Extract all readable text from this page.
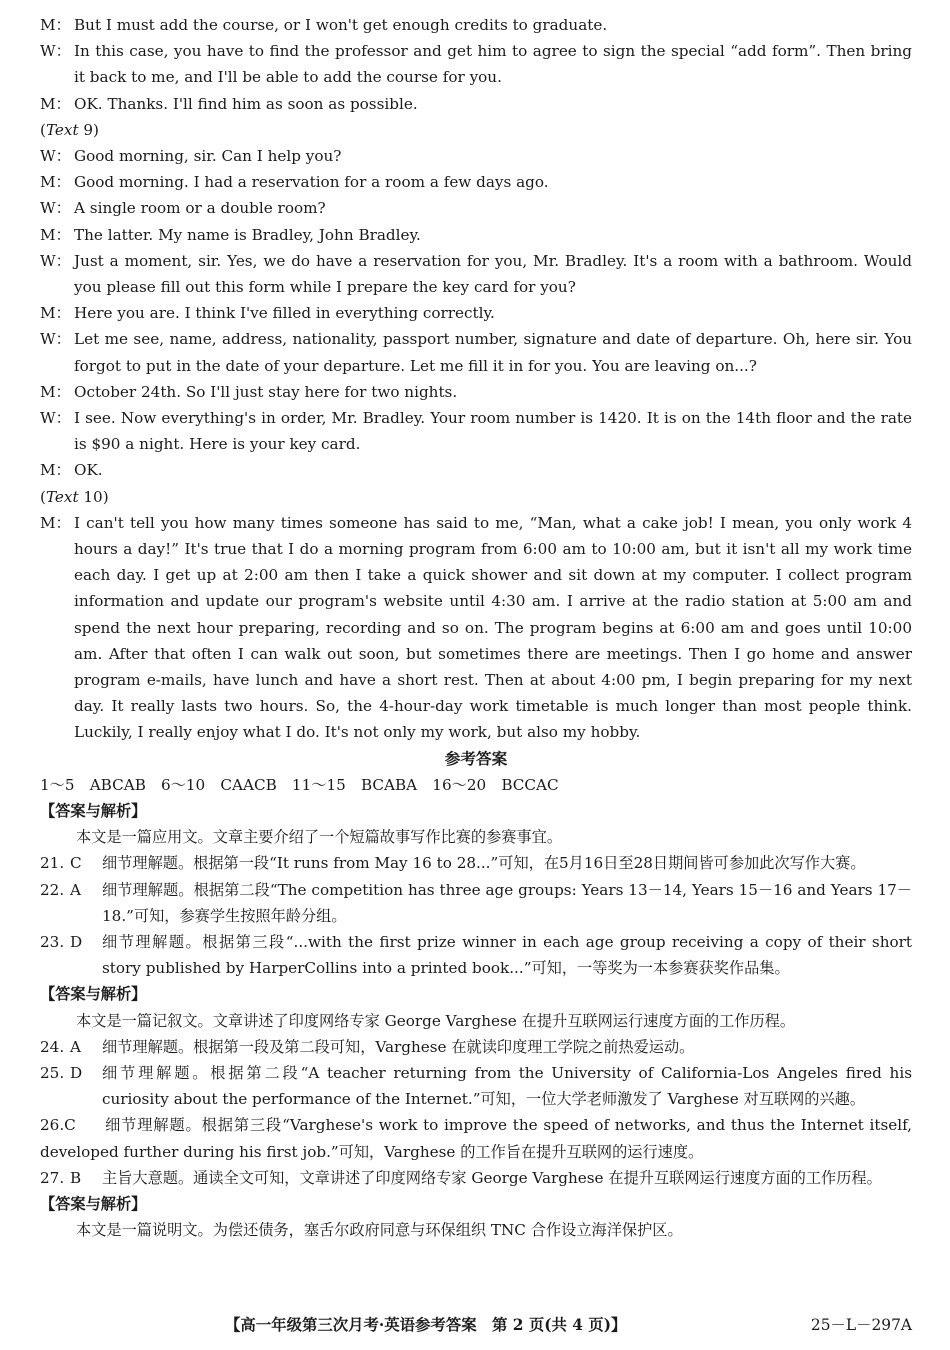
M： But I must add the course, or I won't get enough credits to graduate.
W： In this case, you have to find the professor and get him to agree to sign the special “add form”. Then bring it back to me, and I'll be able to add the course for you.
M： OK. Thanks. I'll find him as soon as possible.
(Text 9)
W： Good morning, sir. Can I help you?
M： Good morning. I had a reservation for a room a few days ago.
W： A single room or a double room?
M： The latter. My name is Bradley, John Bradley.
W： Just a moment, sir. Yes, we do have a reservation for you, Mr. Bradley. It's a room with a bathroom. Would you please fill out this form while I prepare the key card for you?
M： Here you are. I think I've filled in everything correctly.
W： Let me see, name, address, nationality, passport number, signature and date of departure. Oh, here sir. You forgot to put in the date of your departure. Let me fill it in for you. You are leaving on...?
M： October 24th. So I'll just stay here for two nights.
W： I see. Now everything's in order, Mr. Bradley. Your room number is 1420. It is on the 14th floor and the rate is $90 a night. Here is your key card.
M： OK.
(Text 10)
M： I can't tell you how many times someone has said to me, “Man, what a cake job! I mean, you only work 4 hours a day!” It's true that I do a morning program from 6:00 am to 10:00 am, but it isn't all my work time each day. I get up at 2:00 am then I take a quick shower and sit down at my computer. I collect program information and update our program's website until 4:30 am. I arrive at the radio station at 5:00 am and spend the next hour preparing, recording and so on. The program begins at 6:00 am and goes until 10:00 am. After that often I can walk out soon, but sometimes there are meetings. Then I go home and answer program e-mails, have lunch and have a short rest. Then at about 4:00 pm, I begin preparing for my next day. It really lasts two hours. So, the 4-hour-day work timetable is much longer than most people think. Luckily, I really enjoy what I do. It's not only my work, but also my hobby.
参考答案
1～5　ABCAB　6～10　CAACB　11～15　BCABA　16～20　BCCAC
【答案与解析】
本文是一篇应用文。文章主要介绍了一个短篇故事写作比赛的参赛事宜。
21. C	细节理解题。根据第一段“It runs from May 16 to 28...”可知，在5月16日至28日期间皆可参加此次写作大赛。
22. A	细节理解题。根据第二段“The competition has three age groups: Years 13－14, Years 15－16 and Years 17－18.”可知，参赛学生按照年龄分组。
23. D	细节理解题。根据第三段“...with the first prize winner in each age group receiving a copy of their short story published by HarperCollins into a printed book...”可知，一等奖为一本参赛获奖作品集。
【答案与解析】
本文是一篇记叙文。文章讲述了印度网络专家 George Varghese 在提升互联网运行速度方面的工作历程。
24. A	细节理解题。根据第一段及第二段可知，Varghese 在就读印度理工学院之前热爱运动。
25. D	细节理解题。根据第二段“A teacher returning from the University of California-Los Angeles fired his curiosity about the performance of the Internet.”可知，一位大学老师激发了 Varghese 对互联网的兴趣。
26.C 细节理解题。根据第三段“Varghese's work to improve the speed of networks, and thus the Internet itself, developed further during his first job.”可知，Varghese 的工作旨在提升互联网的运行速度。
27. B	主旨大意题。通读全文可知，文章讲述了印度网络专家 George Varghese 在提升互联网运行速度方面的工作历程。
【答案与解析】
本文是一篇说明文。为偿还债务，塞舌尔政府同意与环保组织 TNC 合作设立海洋保护区。
【高一年级第三次月考·英语参考答案　第 2 页(共 4 页)】	25－L－297A
